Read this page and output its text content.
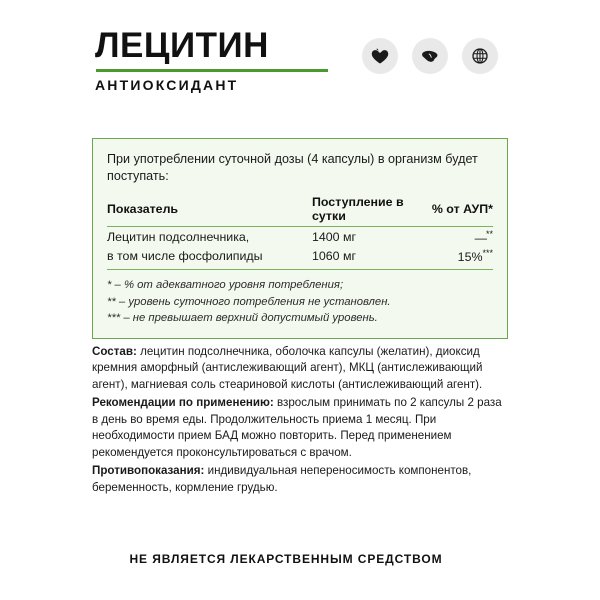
ЛЕЦИТИН
АНТИОКСИДАНТ

При употреблении суточной дозы (4 капсулы) в организм будет поступать:

Показатель	Поступление в сутки	% от АУП*
Лецитин подсолнечника,	1400 мг	—**
в том числе фосфолипиды	1060 мг	15%***
* – % от адекватного уровня потребления;
** – уровень суточного потребления не установлен.
*** – не превышает верхний допустимый уровень.

Состав: лецитин подсолнечника, оболочка капсулы (желатин), диоксид кремния аморфный (антислеживающий агент), МКЦ (антислеживающий агент), магниевая соль стеариновой кислоты (антислеживающий агент).

Рекомендации по применению: взрослым принимать по 2 капсулы 2 раза в день во время еды. Продолжительность приема 1 месяц. При необходимости прием БАД можно повторить. Перед применением рекомендуется проконсультироваться с врачом.

Противопоказания: индивидуальная непереносимость компонентов, беременность, кормление грудью.

НЕ ЯВЛЯЕТСЯ ЛЕКАРСТВЕННЫМ СРЕДСТВОМ
